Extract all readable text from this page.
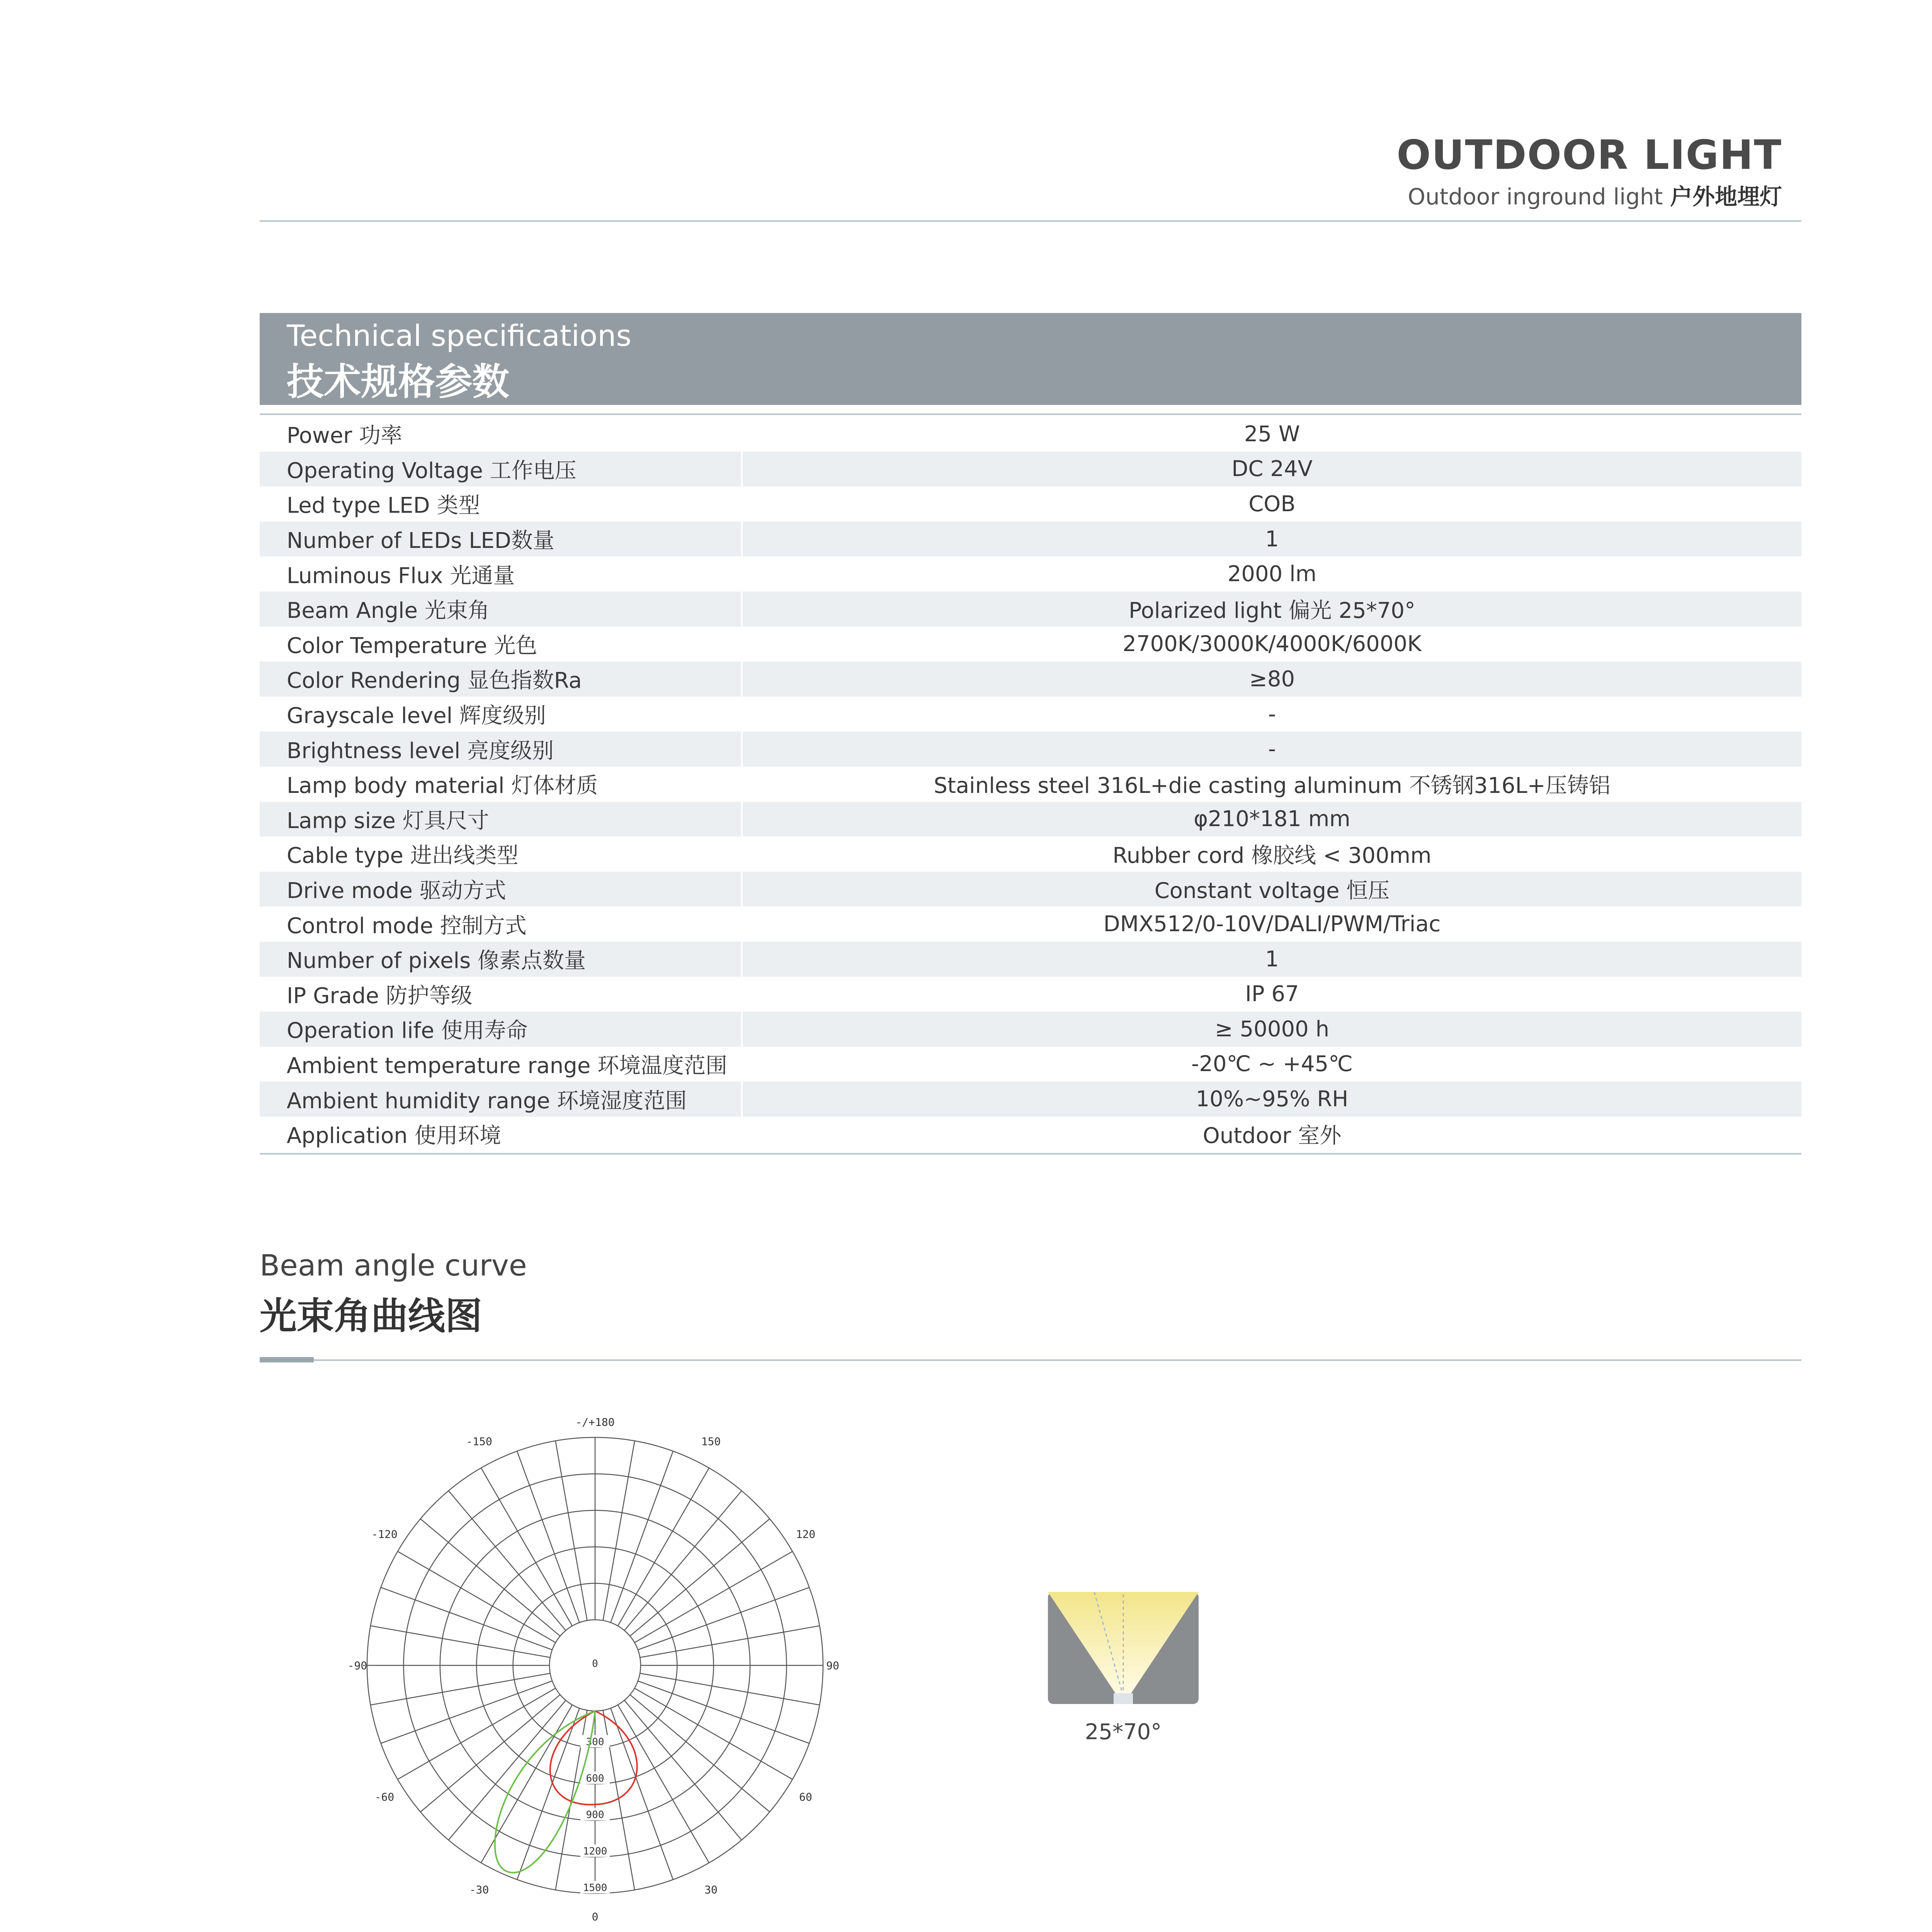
OUTDOOR LIGHT
Outdoor inground light 户外地埋灯
Technical specifications
技术规格参数
Power 功率	25 W
Operating Voltage 工作电压	DC 24V
Led type LED 类型	COB
Number of LEDs LED数量	1
Luminous Flux 光通量	2000 lm
Beam Angle 光束角	Polarized light 偏光 25*70°
Color Temperature 光色	2700K/3000K/4000K/6000K
Color Rendering 显色指数Ra	≥80
Grayscale level 辉度级别	-
Brightness level 亮度级别	-
Lamp body material 灯体材质	Stainless steel 316L+die casting aluminum 不锈钢316L+压铸铝
Lamp size 灯具尺寸	φ210*181 mm
Cable type 进出线类型	Rubber cord 橡胶线 < 300mm
Drive mode 驱动方式	Constant voltage 恒压
Control mode 控制方式	DMX512/0-10V/DALI/PWM/Triac
Number of pixels 像素点数量	1
IP Grade 防护等级	IP 67
Operation life 使用寿命	≥ 50000 h
Ambient temperature range 环境温度范围	-20℃ ~ +45℃
Ambient humidity range 环境湿度范围	10%~95% RH
Application 使用环境	Outdoor 室外
Beam angle curve
光束角曲线图
-/+180
-150	150
-120	120
-90	90
-60	60
-30	30
0
0
300
600
900
1200
1500
25*70°
